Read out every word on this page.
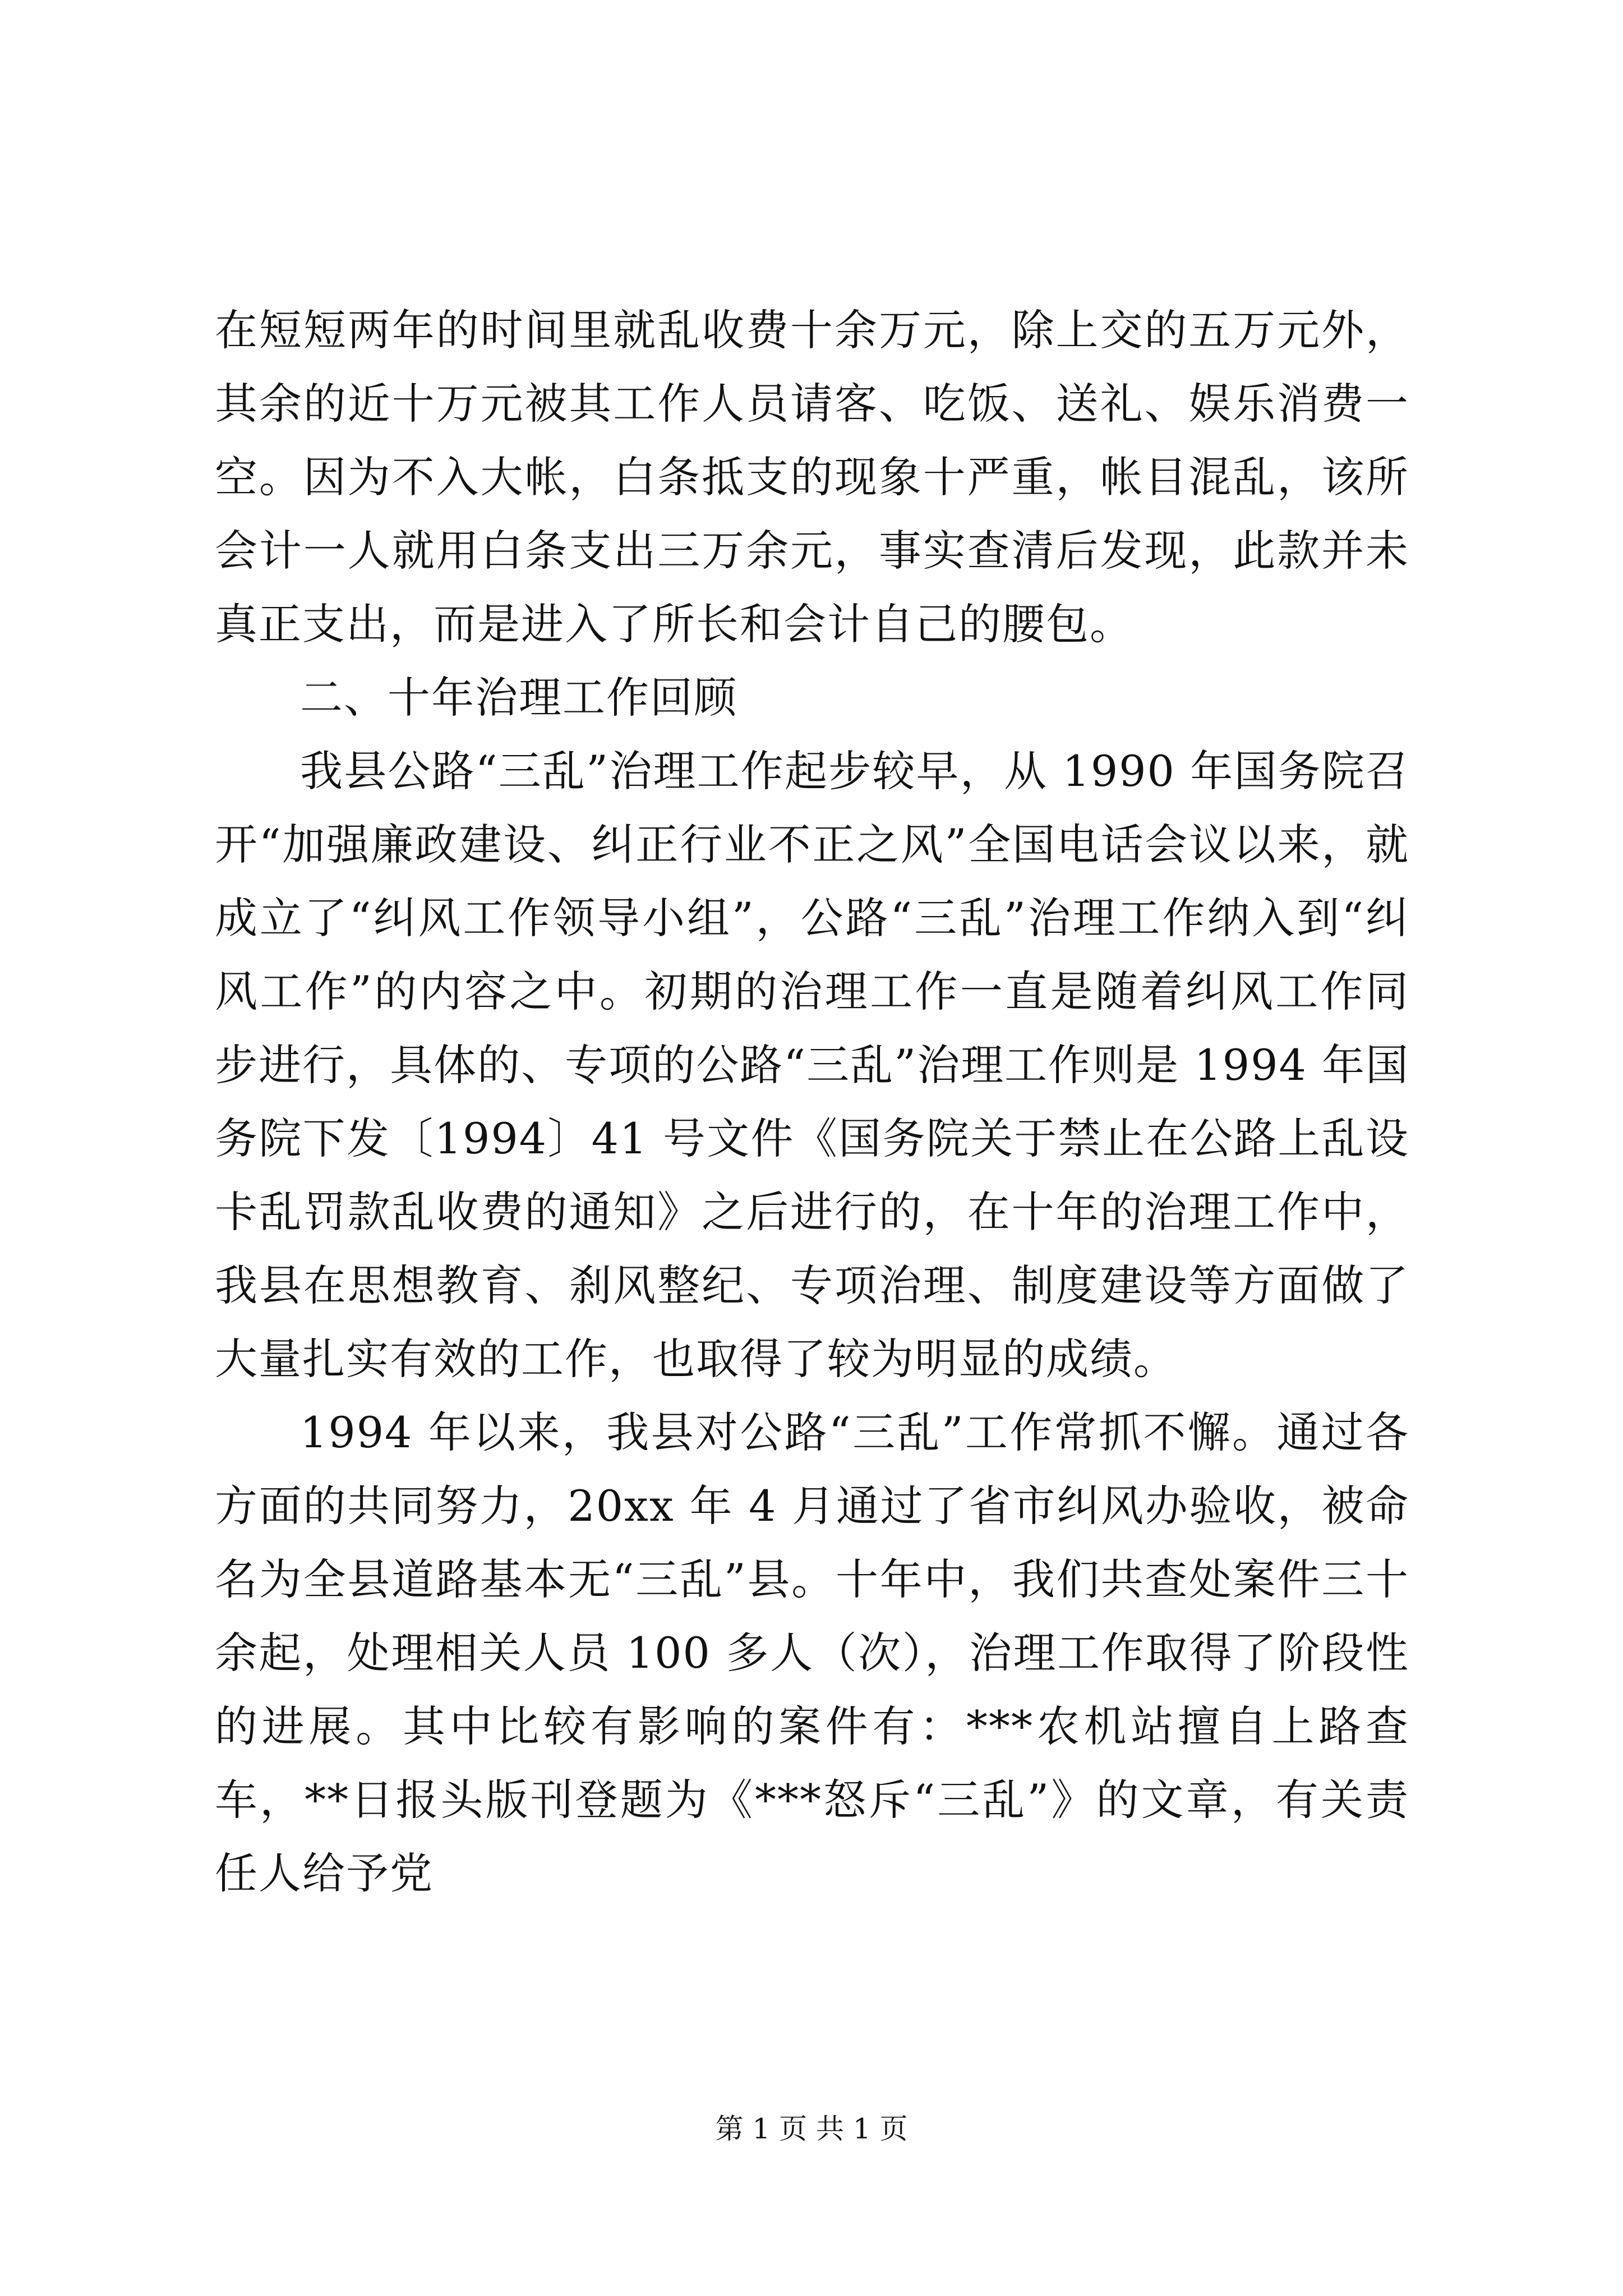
在短短两年的时间里就乱收费十余万元，除上交的五万元外，其余的近十万元被其工作人员请客、吃饭、送礼、娱乐消费一空。因为不入大帐，白条抵支的现象十严重，帐目混乱，该所会计一人就用白条支出三万余元，事实查清后发现，此款并未真正支出，而是进入了所长和会计自己的腰包。

二、十年治理工作回顾

我县公路“三乱”治理工作起步较早，从 1990 年国务院召开“加强廉政建设、纠正行业不正之风”全国电话会议以来，就成立了“纠风工作领导小组”，公路“三乱”治理工作纳入到“纠风工作”的内容之中。初期的治理工作一直是随着纠风工作同步进行，具体的、专项的公路“三乱”治理工作则是 1994 年国务院下发〔1994〕41 号文件《国务院关于禁止在公路上乱设卡乱罚款乱收费的通知》之后进行的，在十年的治理工作中，我县在思想教育、刹风整纪、专项治理、制度建设等方面做了大量扎实有效的工作，也取得了较为明显的成绩。

1994 年以来，我县对公路“三乱”工作常抓不懈。通过各方面的共同努力，20xx 年 4 月通过了省市纠风办验收，被命名为全县道路基本无“三乱”县。十年中，我们共查处案件三十余起，处理相关人员 100 多人（次），治理工作取得了阶段性的进展。其中比较有影响的案件有：***农机站擅自上路查车，**日报头版刊登题为《***怒斥“三乱”》的文章，有关责任人给予党

第 1 页 共 1 页
